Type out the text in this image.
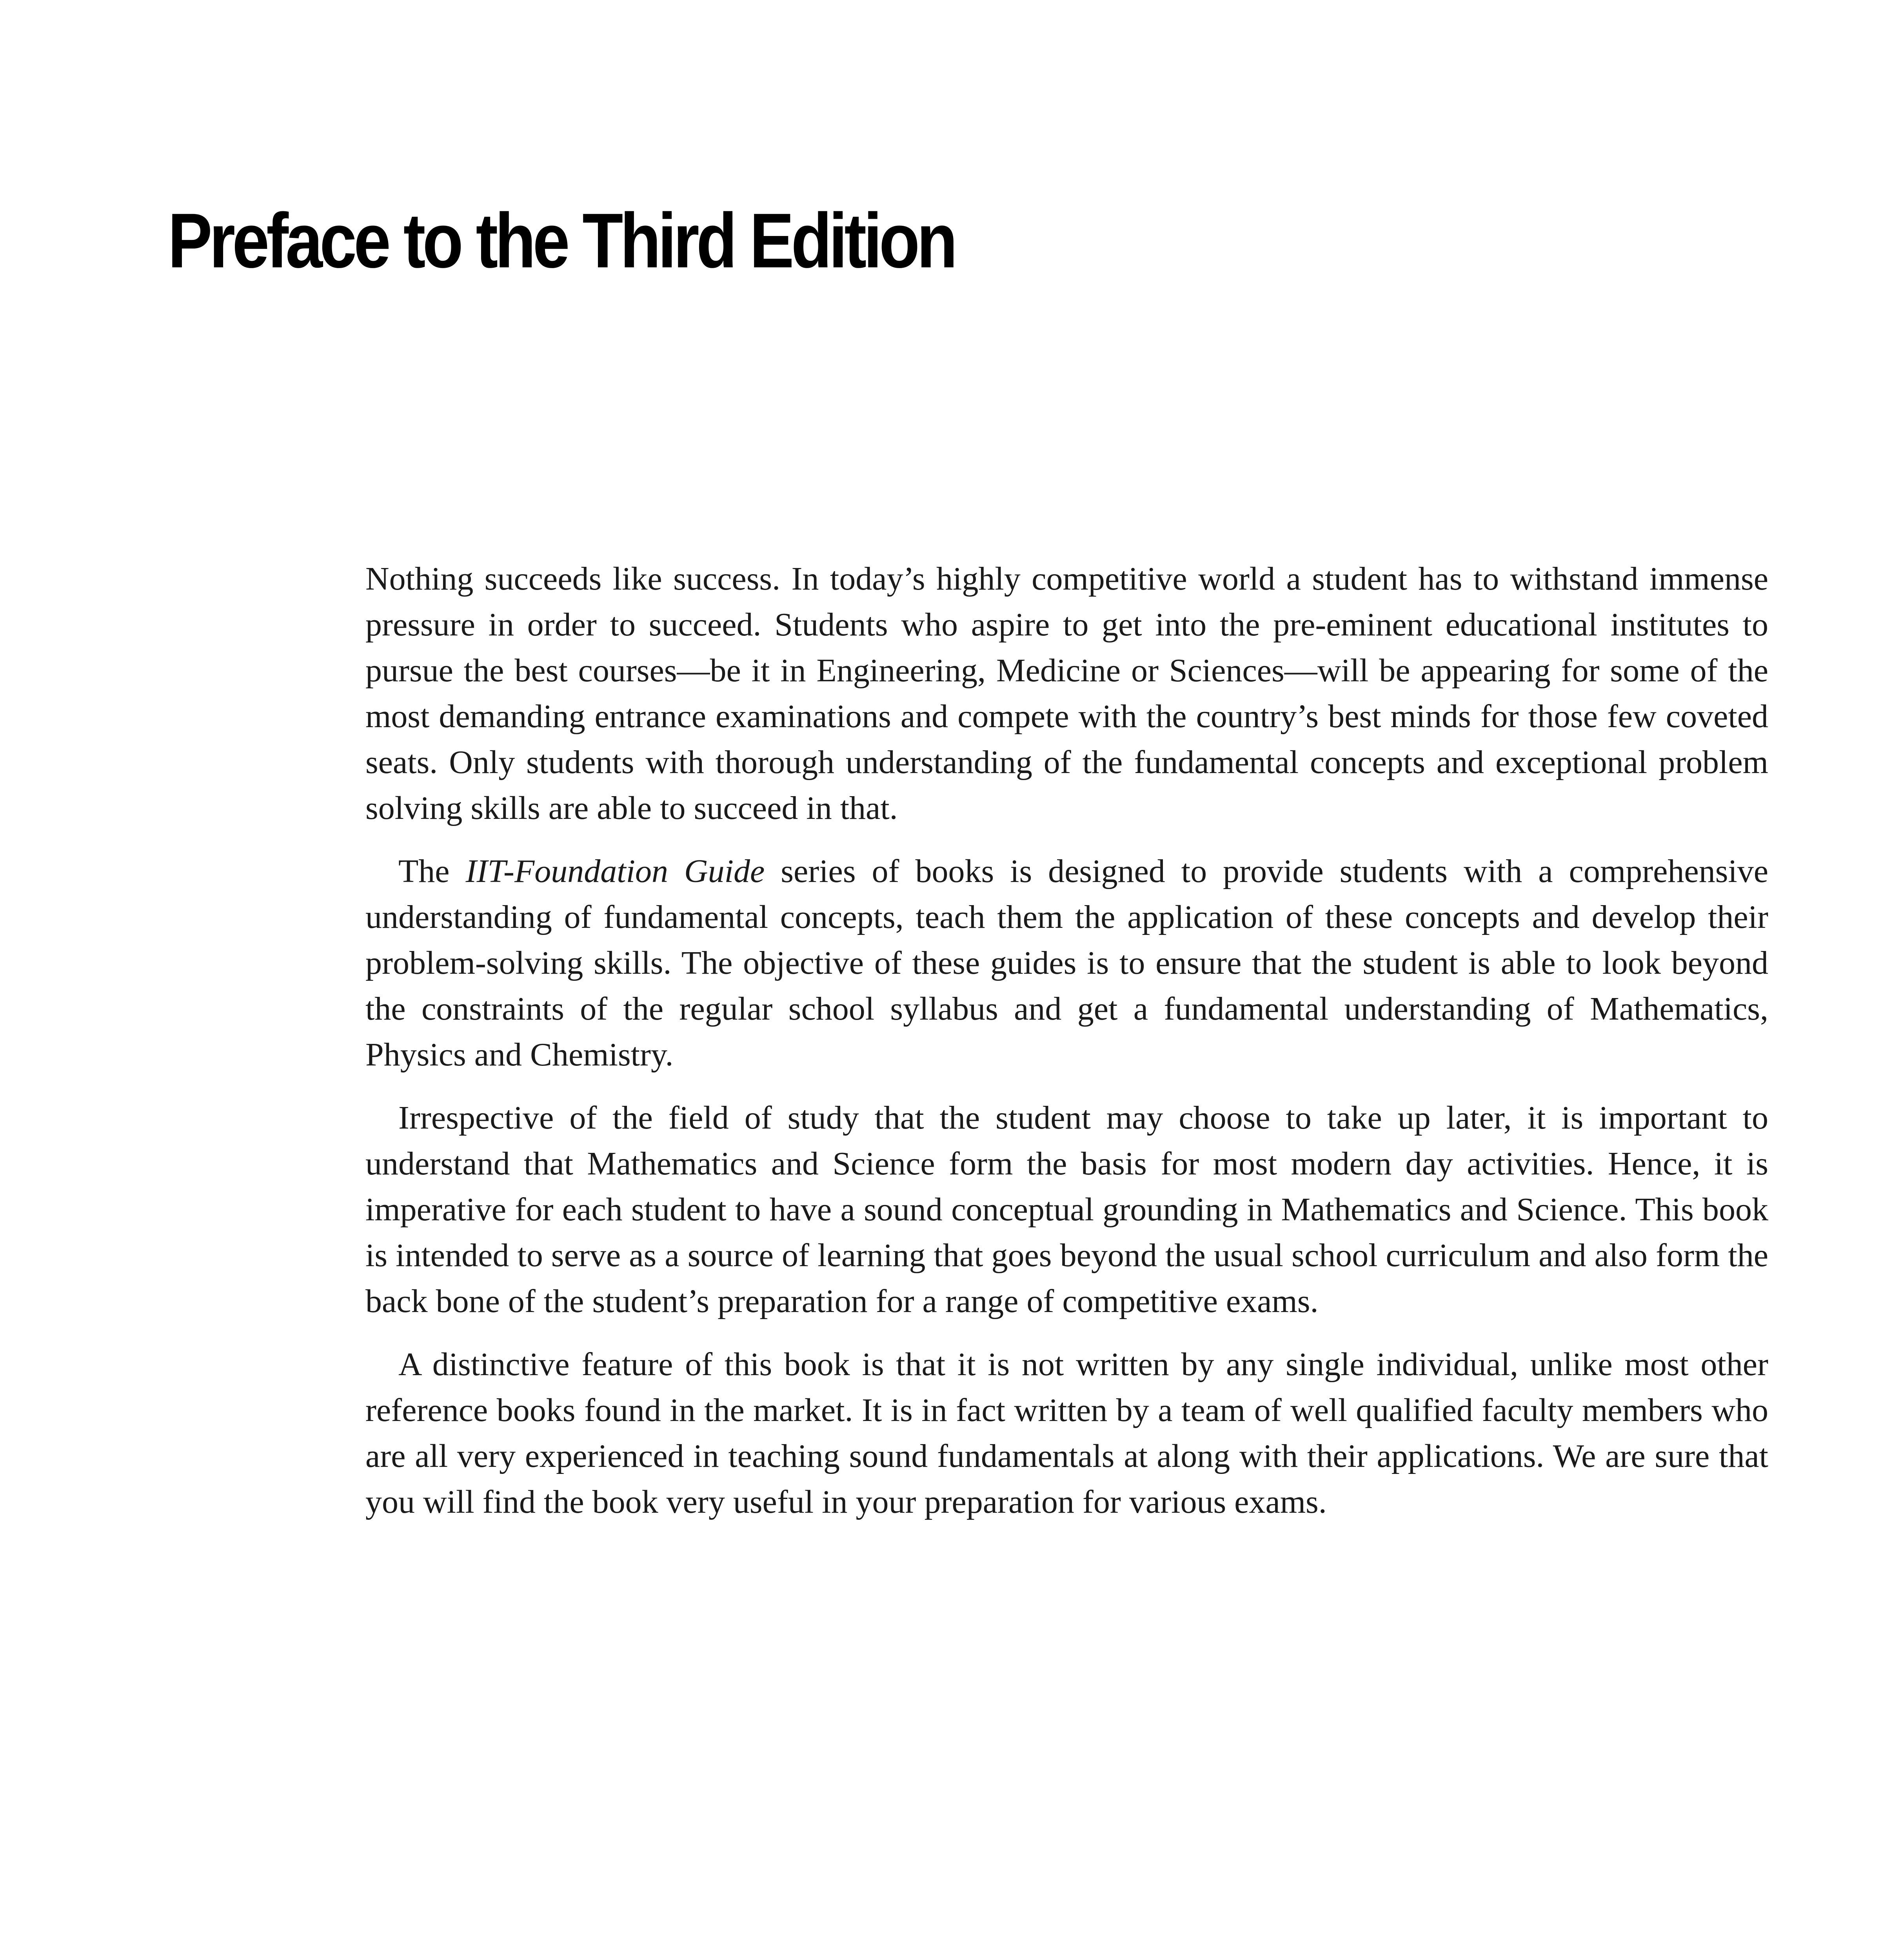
Preface to the Third Edition

Nothing succeeds like success. In today’s highly competitive world a student has to withstand immense pressure in order to succeed. Students who aspire to get into the pre-eminent educational institutes to pursue the best courses—be it in Engineering, Medicine or Sciences—will be appearing for some of the most demanding entrance examinations and compete with the country’s best minds for those few coveted seats. Only students with thorough understanding of the fundamental concepts and exceptional problem solving skills are able to succeed in that.

The IIT-Foundation Guide series of books is designed to provide students with a comprehensive understanding of fundamental concepts, teach them the application of these concepts and develop their problem-solving skills. The objective of these guides is to ensure that the student is able to look beyond the constraints of the regular school syllabus and get a fundamental understanding of Mathematics, Physics and Chemistry.

Irrespective of the field of study that the student may choose to take up later, it is important to understand that Mathematics and Science form the basis for most modern day activities. Hence, it is imperative for each student to have a sound conceptual grounding in Mathematics and Science. This book is intended to serve as a source of learning that goes beyond the usual school curriculum and also form the back bone of the student’s preparation for a range of competitive exams.

A distinctive feature of this book is that it is not written by any single individual, unlike most other reference books found in the market. It is in fact written by a team of well qualified faculty members who are all very experienced in teaching sound fundamentals at along with their applications. We are sure that you will find the book very useful in your preparation for various exams.
